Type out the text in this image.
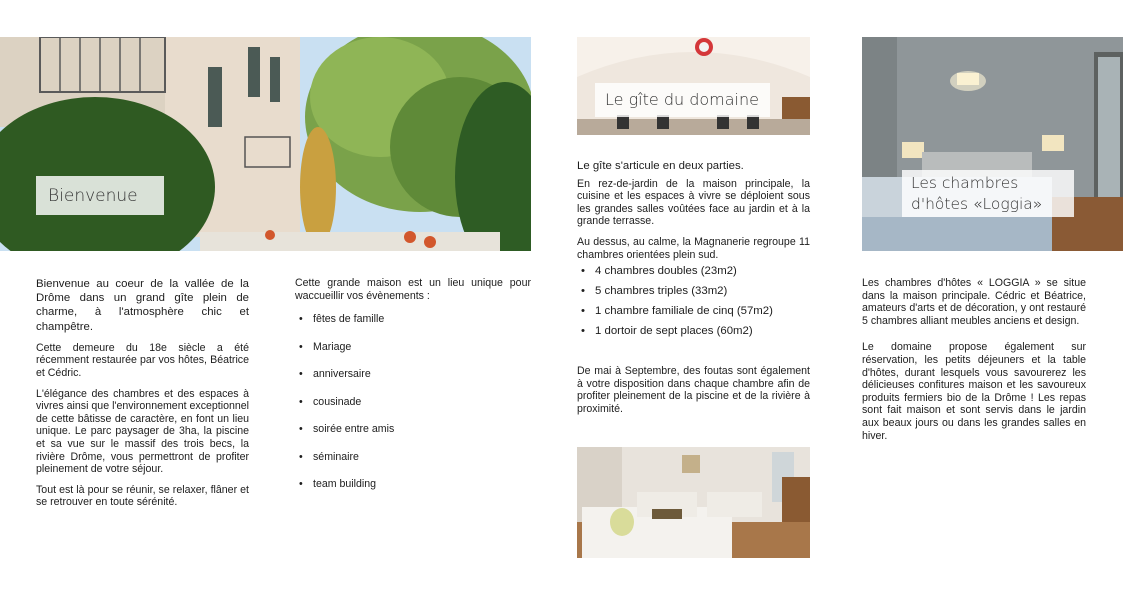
Bienvenue
Le gîte du domaine
Les chambres
d'hôtes «Loggia»

Bienvenue au coeur de la vallée de la Drôme dans un grand gîte plein de charme, à l'atmosphère chic et champêtre.

Cette demeure du 18e siècle a été récemment restaurée par vos hôtes, Béatrice et Cédric.

L'élégance des chambres et des espaces à vivres ainsi que l'environnement exceptionnel de cette bâtisse de caractère, en font un lieu unique. Le parc paysager de 3ha, la piscine et sa vue sur le massif des trois becs, la rivière Drôme, vous permettront de profiter pleinement de votre séjour.

Tout est là pour se réunir, se relaxer, flâner et se retrouver en toute sérénité.

Cette grande maison est un lieu unique pour waccueillir vos évènements :

• fêtes de famille
• Mariage
• anniversaire
• cousinade
• soirée entre amis
• séminaire
• team building

Le gîte s'articule en deux parties.

En rez-de-jardin de la maison principale, la cuisine et les espaces à vivre se déploient sous les grandes salles voûtées face au jardin et à la grande terrasse.

Au dessus, au calme, la Magnanerie regroupe 11 chambres orientées plein sud.

• 4 chambres doubles (23m2)
• 5 chambres triples (33m2)
• 1 chambre familiale de cinq (57m2)
• 1 dortoir de sept places (60m2)

De mai à Septembre, des foutas sont également à votre disposition dans chaque chambre afin de profiter pleinement de la piscine et de la rivière à proximité.

Les chambres d'hôtes « LOGGIA » se situe dans la maison principale. Cédric et Béatrice, amateurs d'arts et de décoration, y ont restauré 5 chambres alliant meubles anciens et design.

Le domaine propose également sur réservation, les petits déjeuners et la table d'hôtes, durant lesquels vous savourerez les délicieuses confitures maison et les savoureux produits fermiers bio de la Drôme ! Les repas sont fait maison et sont servis dans le jardin aux beaux jours ou dans les grandes salles en hiver.
